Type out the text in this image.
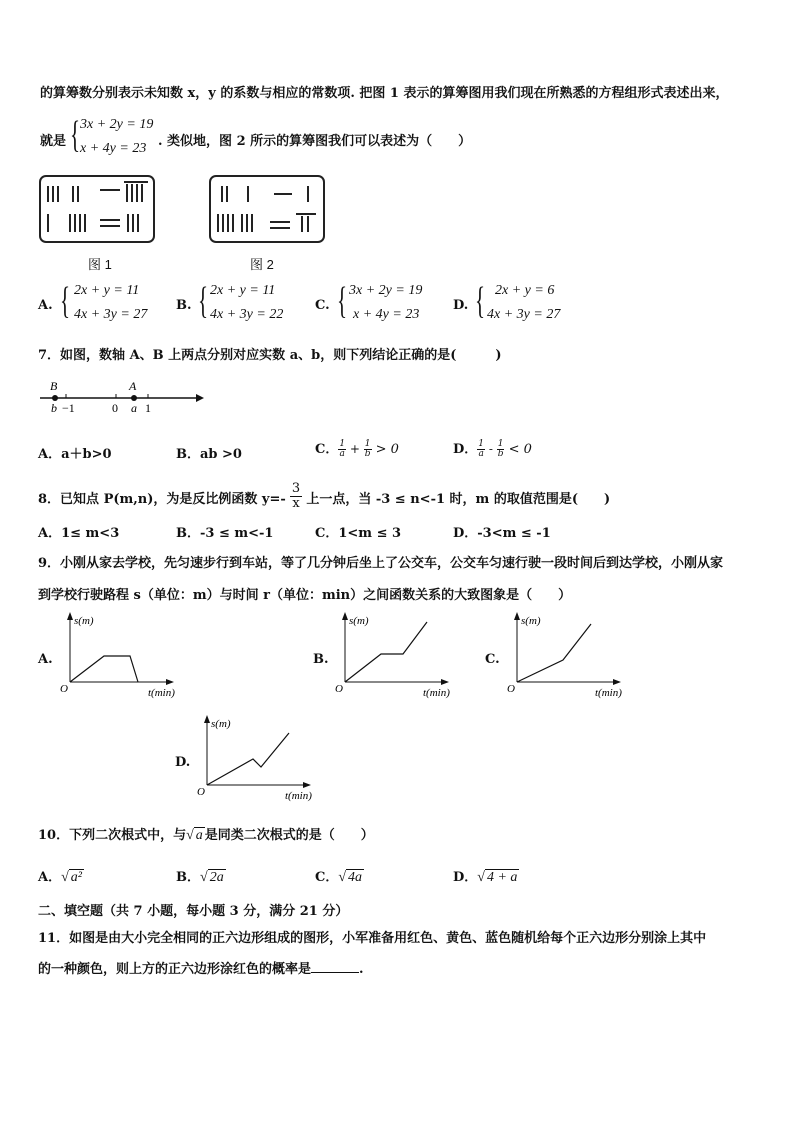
的算筹数分别表示未知数 x，y 的系数与相应的常数项. 把图 1 表示的算筹图用我们现在所熟悉的方程组形式表述出来，
就是 { 3x + 2y = 19
x + 4y = 23 . 类似地，图 2 所示的算筹图我们可以表述为（　　）
图 1	图 2
A. { 2x + y = 11
4x + 3y = 27
B. { 2x + y = 11
4x + 3y = 22
C. { 3x + 2y = 19
x + 4y = 23
D. { 2x + y = 6
4x + 3y = 27
7．如图，数轴 A、B 上两点分别对应实数 a、b，则下列结论正确的是(　　　)
B	A
b −1	0 a 1
A．a＋b>0	B．ab >0	C． $\frac{1}{a} + \frac{1}{b} > 0$	D． $\frac{1}{a} - \frac{1}{b} < 0$
8．已知点 P(m,n)，为是反比例函数 $y=- \frac{3}{x}$ 上一点，当 -3 ≤ n<-1 时，m 的取值范围是(　　)
A．1≤ m<3	B．-3 ≤ m<-1	C．1<m ≤ 3	D．-3<m ≤ -1
9．小刚从家去学校，先匀速步行到车站，等了几分钟后坐上了公交车，公交车匀速行驶一段时间后到达学校，小刚从家
到学校行驶路程 s（单位：m）与时间 r（单位：min）之间函数关系的大致图象是（　　）
A.
s(m)
t(min)
O
B.
s(m)
t(min)
O
C.
s(m)
t(min)
O
D.
s(m)
t(min)
O
10．下列二次根式中，与√ a 是同类二次根式的是（　　）
A．√ a²	B．√ 2a	C．√ 4a	D．√ 4 + a
二、填空题（共 7 小题，每小题 3 分，满分 21 分）
11．如图是由大小完全相同的正六边形组成的图形，小军准备用红色、黄色、蓝色随机给每个正六边形分别涂上其中
的一种颜色，则上方的正六边形涂红色的概率是	.
